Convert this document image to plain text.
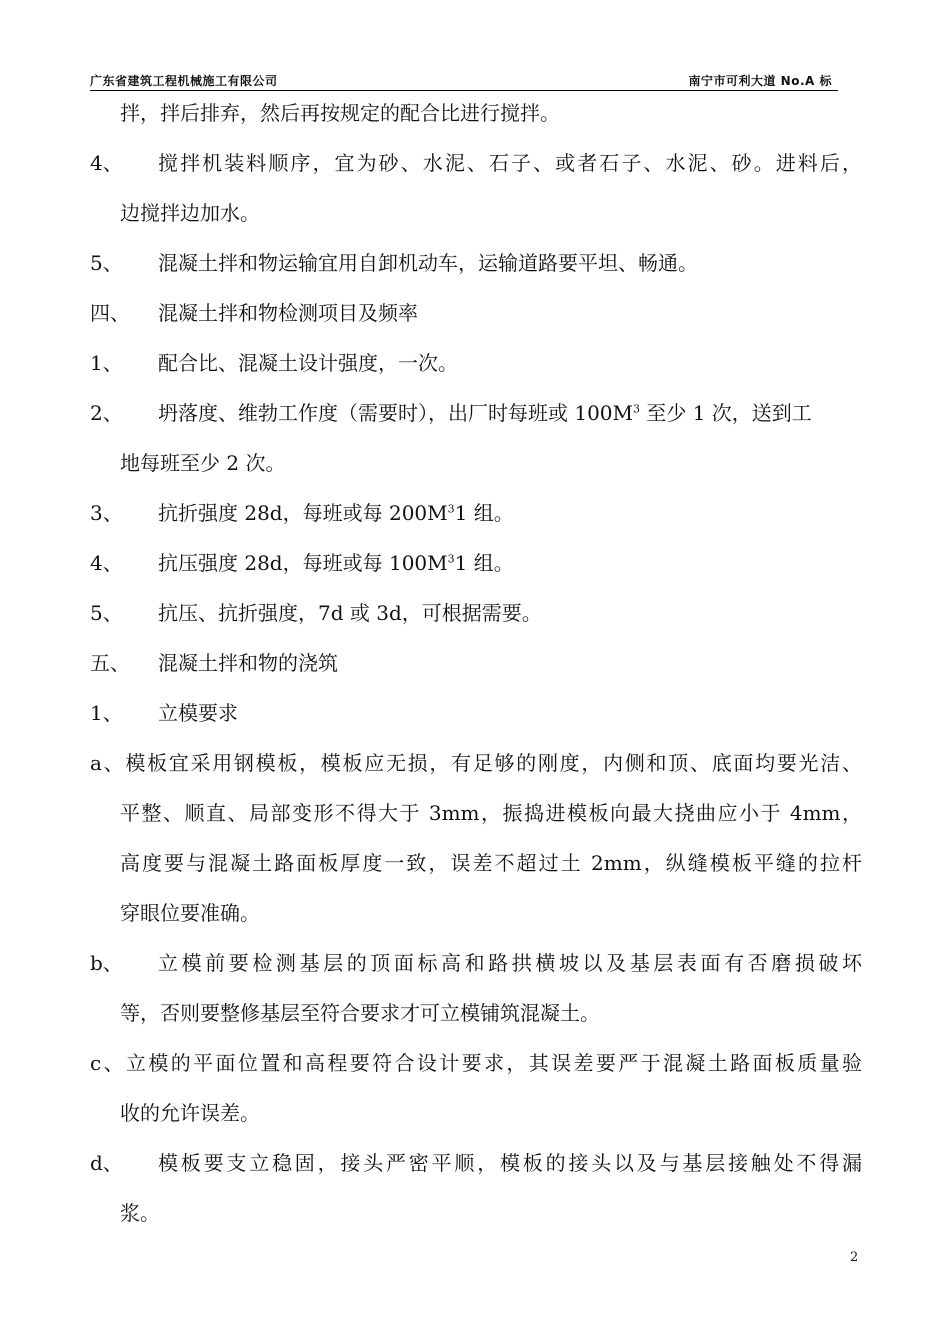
广东省建筑工程机械施工有限公司	南宁市可利大道 No.A 标
拌，拌后排弃，然后再按规定的配合比进行搅拌。
4、	搅拌机装料顺序，宜为砂、水泥、石子、或者石子、水泥、砂。进料后，
边搅拌边加水。
5、 混凝土拌和物运输宜用自卸机动车，运输道路要平坦、畅通。
四、 混凝土拌和物检测项目及频率
1、 配合比、混凝土设计强度，一次。
2、 坍落度、维勃工作度（需要时），出厂时每班或 $100M^3$ 至少 1 次，送到工
地每班至少 2 次。
3、 抗折强度 28d，每班或每 $200M^31$ 组。
4、 抗压强度 28d，每班或每 $100M^31$ 组。
5、 抗压、抗折强度，7d 或 3d，可根据需要。
五、 混凝土拌和物的浇筑
1、 立模要求
a、模板宜采用钢模板，模板应无损，有足够的刚度，内侧和顶、底面均要光洁、
平整、顺直、局部变形不得大于 3mm，振捣进模板向最大挠曲应小于 4mm，
高度要与混凝土路面板厚度一致，误差不超过土 2mm，纵缝模板平缝的拉杆
穿眼位要准确。
b、	立模前要检测基层的顶面标高和路拱横坡以及基层表面有否磨损破坏
等，否则要整修基层至符合要求才可立模铺筑混凝土。
c、立模的平面位置和高程要符合设计要求，其误差要严于混凝土路面板质量验
收的允许误差。
d、	模板要支立稳固，接头严密平顺，模板的接头以及与基层接触处不得漏
浆。
2
